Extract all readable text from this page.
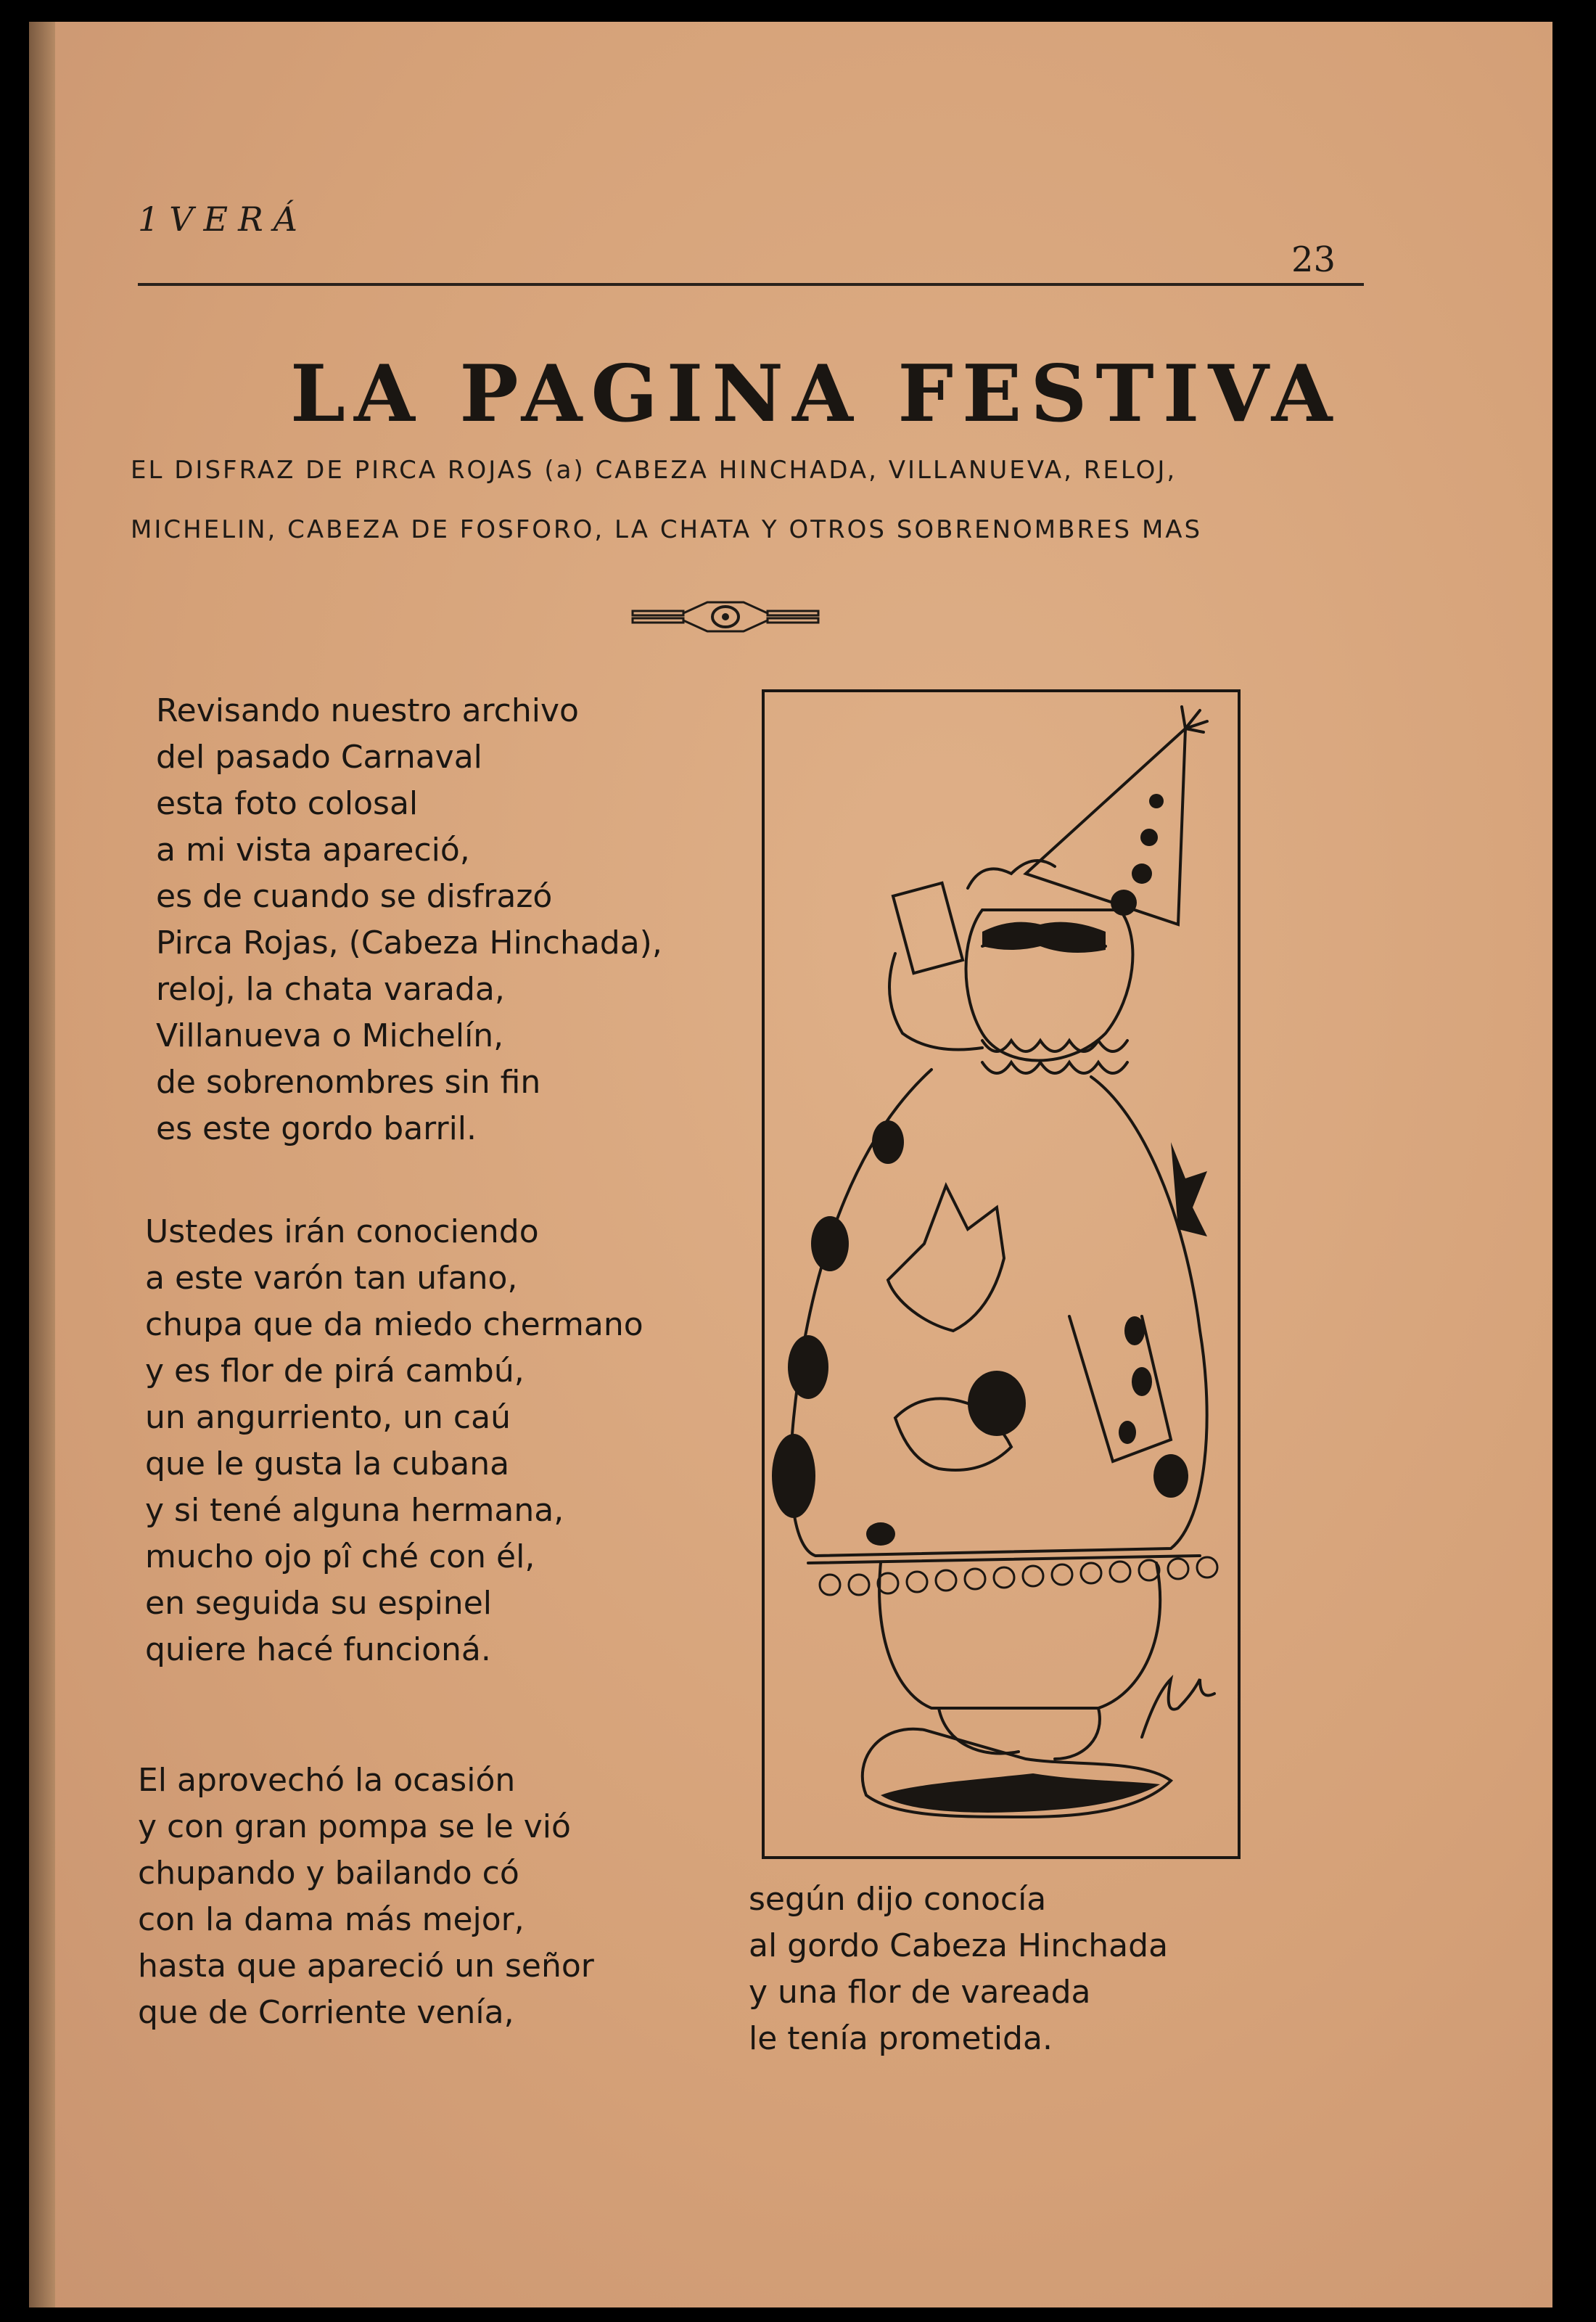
1VERÁ
23
LA PAGINA FESTIVA
EL DISFRAZ DE PIRCA ROJAS (a) CABEZA HINCHADA, VILLANUEVA, RELOJ,
MICHELIN, CABEZA DE FOSFORO, LA CHATA Y OTROS SOBRENOMBRES MAS
Revisando nuestro archivo
del pasado Carnaval
esta foto colosal
a mi vista apareció,
es de cuando se disfrazó
Pirca Rojas, (Cabeza Hinchada),
reloj, la chata varada,
Villanueva o Michelín,
de sobrenombres sin fin
es este gordo barril.
Ustedes irán conociendo
a este varón tan ufano,
chupa que da miedo chermano
y es flor de pirá cambú,
un angurriento, un caú
que le gusta la cubana
y si tené alguna hermana,
mucho ojo pî ché con él,
en seguida su espinel
quiere hacé funcioná.
El aprovechó la ocasión
y con gran pompa se le vió
chupando y bailando có
con la dama más mejor,
hasta que apareció un señor
que de Corriente venía,
según dijo conocía
al gordo Cabeza Hinchada
y una flor de vareada
le tenía prometida.
